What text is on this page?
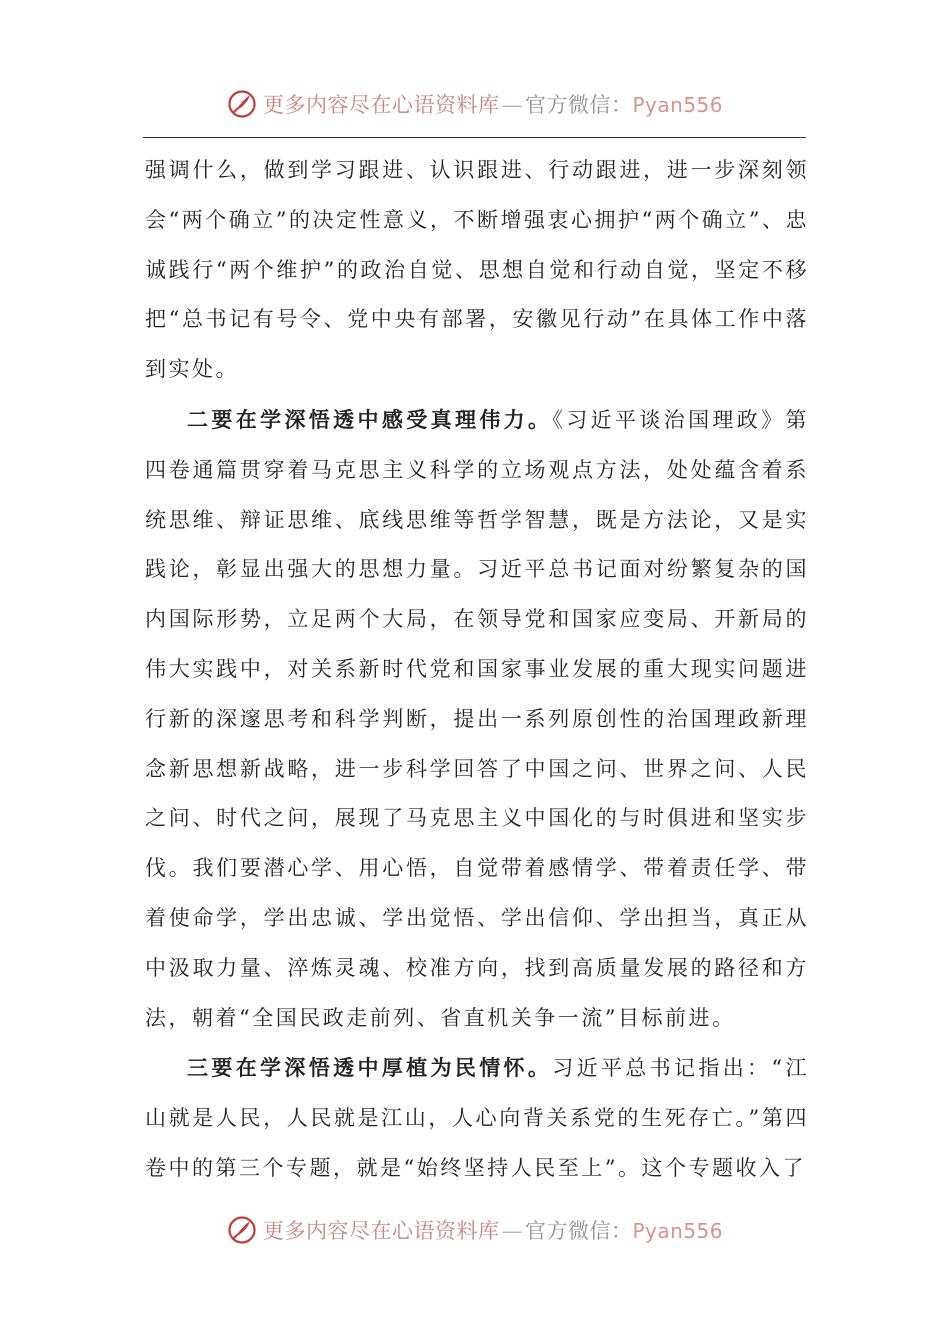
更多内容尽在心语资料库—官方微信：Pyan556

强调什么，做到学习跟进、认识跟进、行动跟进，进一步深刻领会“两个确立”的决定性意义，不断增强衷心拥护“两个确立”、忠诚践行“两个维护”的政治自觉、思想自觉和行动自觉，坚定不移把“总书记有号令、党中央有部署，安徽见行动”在具体工作中落到实处。

二要在学深悟透中感受真理伟力。《习近平谈治国理政》第四卷通篇贯穿着马克思主义科学的立场观点方法，处处蕴含着系统思维、辩证思维、底线思维等哲学智慧，既是方法论，又是实践论，彰显出强大的思想力量。习近平总书记面对纷繁复杂的国内国际形势，立足两个大局，在领导党和国家应变局、开新局的伟大实践中，对关系新时代党和国家事业发展的重大现实问题进行新的深邃思考和科学判断，提出一系列原创性的治国理政新理念新思想新战略，进一步科学回答了中国之问、世界之问、人民之问、时代之问，展现了马克思主义中国化的与时俱进和坚实步伐。我们要潜心学、用心悟，自觉带着感情学、带着责任学、带着使命学，学出忠诚、学出觉悟、学出信仰、学出担当，真正从中汲取力量、淬炼灵魂、校准方向，找到高质量发展的路径和方法，朝着“全国民政走前列、省直机关争一流”目标前进。

三要在学深悟透中厚植为民情怀。习近平总书记指出：“江山就是人民，人民就是江山，人心向背关系党的生死存亡。”第四卷中的第三个专题，就是“始终坚持人民至上”。这个专题收入了

更多内容尽在心语资料库—官方微信：Pyan556
